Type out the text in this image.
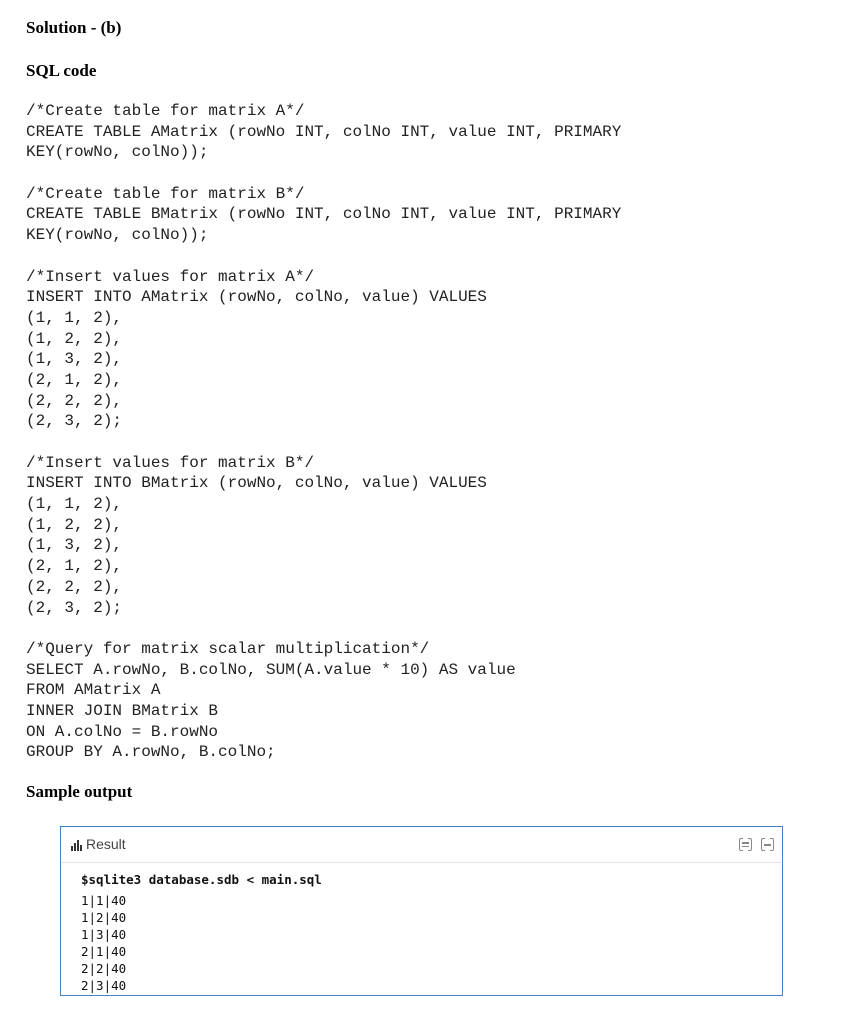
Solution - (b)
SQL code
/*Create table for matrix A*/
CREATE TABLE AMatrix (rowNo INT, colNo INT, value INT, PRIMARY
KEY(rowNo, colNo));
/*Create table for matrix B*/
CREATE TABLE BMatrix (rowNo INT, colNo INT, value INT, PRIMARY
KEY(rowNo, colNo));
/*Insert values for matrix A*/
INSERT INTO AMatrix (rowNo, colNo, value) VALUES
(1, 1, 2),
(1, 2, 2),
(1, 3, 2),
(2, 1, 2),
(2, 2, 2),
(2, 3, 2);
/*Insert values for matrix B*/
INSERT INTO BMatrix (rowNo, colNo, value) VALUES
(1, 1, 2),
(1, 2, 2),
(1, 3, 2),
(2, 1, 2),
(2, 2, 2),
(2, 3, 2);
/*Query for matrix scalar multiplication*/
SELECT A.rowNo, B.colNo, SUM(A.value * 10) AS value
FROM AMatrix A
INNER JOIN BMatrix B
ON A.colNo = B.rowNo
GROUP BY A.rowNo, B.colNo;
Sample output
Result
$sqlite3 database.sdb < main.sql
1|1|40
1|2|40
1|3|40
2|1|40
2|2|40
2|3|40
